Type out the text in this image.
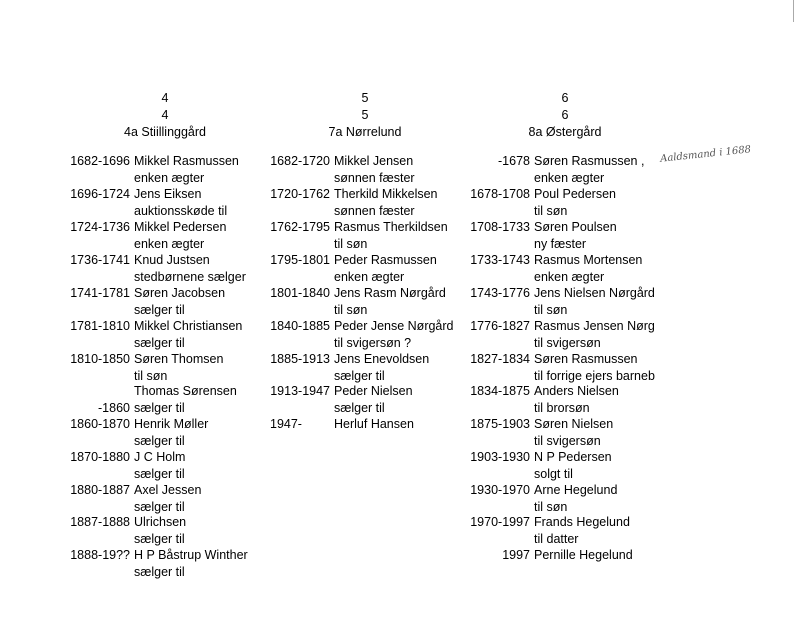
4
4
4a Stiillinggård
5
5
7a Nørrelund
6
6
8a Østergård
1682-1696 Mikkel Rasmussen
enken ægter
1696-1724 Jens Eiksen
auktionsskøde til
1724-1736 Mikkel Pedersen
enken ægter
1736-1741 Knud Justsen
stedbørnene sælger
1741-1781 Søren Jacobsen
sælger til
1781-1810 Mikkel Christiansen
sælger til
1810-1850 Søren Thomsen
til søn
Thomas Sørensen
-1860 sælger til
1860-1870 Henrik Møller
sælger til
1870-1880 J C Holm
sælger til
1880-1887 Axel Jessen
sælger til
1887-1888 Ulrichsen
sælger til
1888-19?? H P Båstrup Winther
sælger til
1682-1720 Mikkel Jensen
sønnen fæster
1720-1762 Therkild Mikkelsen
sønnen fæster
1762-1795 Rasmus Therkildsen
til søn
1795-1801 Peder Rasmussen
enken ægter
1801-1840 Jens Rasm Nørgård
til søn
1840-1885 Peder Jense Nørgård
til svigersøn ?
1885-1913 Jens Enevoldsen
sælger til
1913-1947 Peder Nielsen
sælger til
1947-	Herluf Hansen
-1678 Søren Rasmussen ,
enken ægter
1678-1708 Poul Pedersen
til søn
1708-1733 Søren Poulsen
ny fæster
1733-1743 Rasmus Mortensen
enken ægter
1743-1776 Jens Nielsen Nørgård
til søn
1776-1827 Rasmus Jensen Nørg
til svigersøn
1827-1834 Søren Rasmussen
til forrige ejers barneb
1834-1875 Anders Nielsen
til brorsøn
1875-1903 Søren Nielsen
til svigersøn
1903-1930 N P Pedersen
solgt til
1930-1970 Arne Hegelund
til søn
1970-1997 Frands Hegelund
til datter
1997 Pernille Hegelund
Aaldsmand i 1688
